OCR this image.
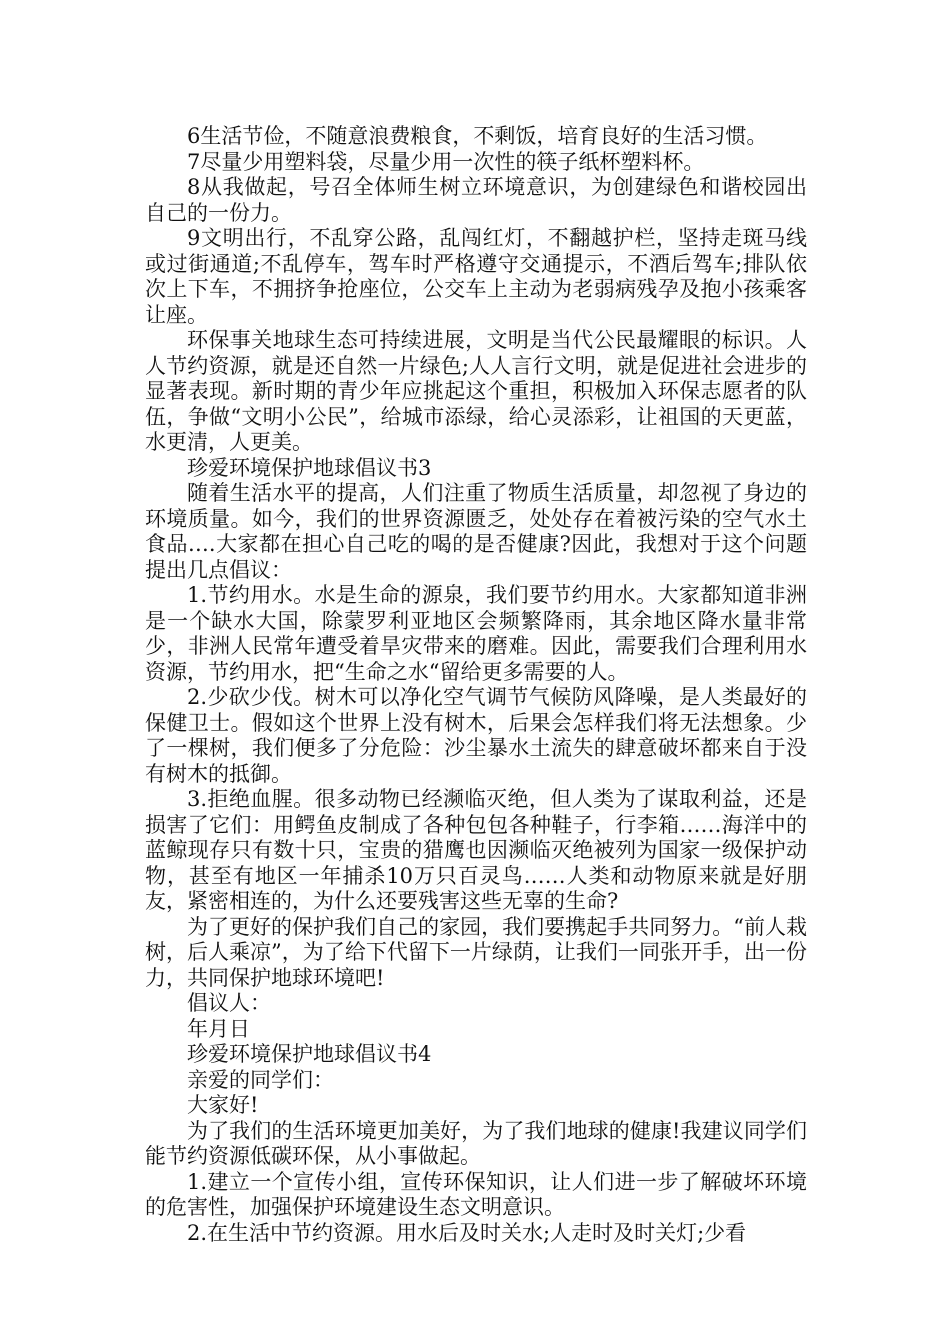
6生活节俭，不随意浪费粮食，不剩饭，培育良好的生活习惯。

7尽量少用塑料袋，尽量少用一次性的筷子纸杯塑料杯。

8从我做起，号召全体师生树立环境意识，为创建绿色和谐校园出自己的一份力。

9文明出行，不乱穿公路，乱闯红灯，不翻越护栏，坚持走斑马线或过街通道;不乱停车，驾车时严格遵守交通提示，不酒后驾车;排队依次上下车，不拥挤争抢座位，公交车上主动为老弱病残孕及抱小孩乘客让座。

环保事关地球生态可持续进展，文明是当代公民最耀眼的标识。人人节约资源，就是还自然一片绿色;人人言行文明，就是促进社会进步的显著表现。新时期的青少年应挑起这个重担，积极加入环保志愿者的队伍，争做“文明小公民”，给城市添绿，给心灵添彩，让祖国的天更蓝，水更清，人更美。

珍爱环境保护地球倡议书3

随着生活水平的提高，人们注重了物质生活质量，却忽视了身边的环境质量。如今，我们的世界资源匮乏，处处存在着被污染的空气水土食品….大家都在担心自己吃的喝的是否健康?因此，我想对于这个问题提出几点倡议：

1.节约用水。水是生命的源泉，我们要节约用水。大家都知道非洲是一个缺水大国，除蒙罗利亚地区会频繁降雨，其余地区降水量非常少，非洲人民常年遭受着旱灾带来的磨难。因此，需要我们合理利用水资源，节约用水，把“生命之水“留给更多需要的人。

2.少砍少伐。树木可以净化空气调节气候防风降噪，是人类最好的保健卫士。假如这个世界上没有树木，后果会怎样我们将无法想象。少了一棵树，我们便多了分危险：沙尘暴水土流失的肆意破坏都来自于没有树木的抵御。

3.拒绝血腥。很多动物已经濒临灭绝，但人类为了谋取利益，还是损害了它们：用鳄鱼皮制成了各种包包各种鞋子，行李箱……海洋中的蓝鲸现存只有数十只，宝贵的猎鹰也因濒临灭绝被列为国家一级保护动物，甚至有地区一年捕杀10万只百灵鸟……人类和动物原来就是好朋友，紧密相连的，为什么还要残害这些无辜的生命?

为了更好的保护我们自己的家园，我们要携起手共同努力。“前人栽树，后人乘凉”，为了给下代留下一片绿荫，让我们一同张开手，出一份力，共同保护地球环境吧!

倡议人：

年月日

珍爱环境保护地球倡议书4

亲爱的同学们：

大家好!

为了我们的生活环境更加美好，为了我们地球的健康!我建议同学们能节约资源低碳环保，从小事做起。

1.建立一个宣传小组，宣传环保知识，让人们进一步了解破坏环境的危害性，加强保护环境建设生态文明意识。

2.在生活中节约资源。用水后及时关水;人走时及时关灯;少看
